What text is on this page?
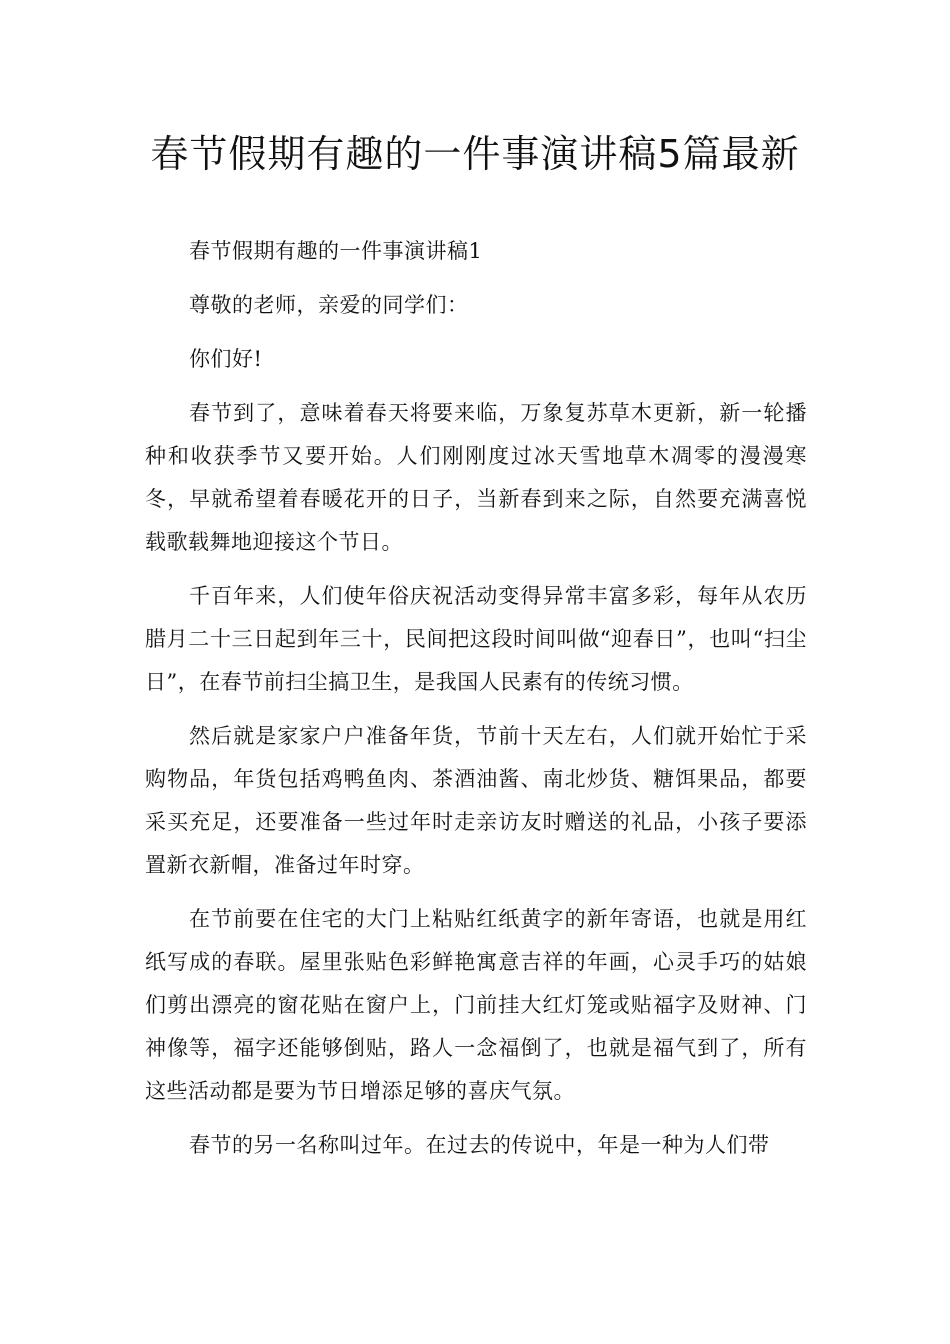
春节假期有趣的一件事演讲稿5篇最新

春节假期有趣的一件事演讲稿1

尊敬的老师，亲爱的同学们：

你们好!

春节到了，意味着春天将要来临，万象复苏草木更新，新一轮播种和收获季节又要开始。人们刚刚度过冰天雪地草木凋零的漫漫寒冬，早就希望着春暖花开的日子，当新春到来之际，自然要充满喜悦载歌载舞地迎接这个节日。

千百年来，人们使年俗庆祝活动变得异常丰富多彩，每年从农历腊月二十三日起到年三十，民间把这段时间叫做“迎春日”，也叫“扫尘日”，在春节前扫尘搞卫生，是我国人民素有的传统习惯。

然后就是家家户户准备年货，节前十天左右，人们就开始忙于采购物品，年货包括鸡鸭鱼肉、茶酒油酱、南北炒货、糖饵果品，都要采买充足，还要准备一些过年时走亲访友时赠送的礼品，小孩子要添置新衣新帽，准备过年时穿。

在节前要在住宅的大门上粘贴红纸黄字的新年寄语，也就是用红纸写成的春联。屋里张贴色彩鲜艳寓意吉祥的年画，心灵手巧的姑娘们剪出漂亮的窗花贴在窗户上，门前挂大红灯笼或贴福字及财神、门神像等，福字还能够倒贴，路人一念福倒了，也就是福气到了，所有这些活动都是要为节日增添足够的喜庆气氛。

春节的另一名称叫过年。在过去的传说中，年是一种为人们带
